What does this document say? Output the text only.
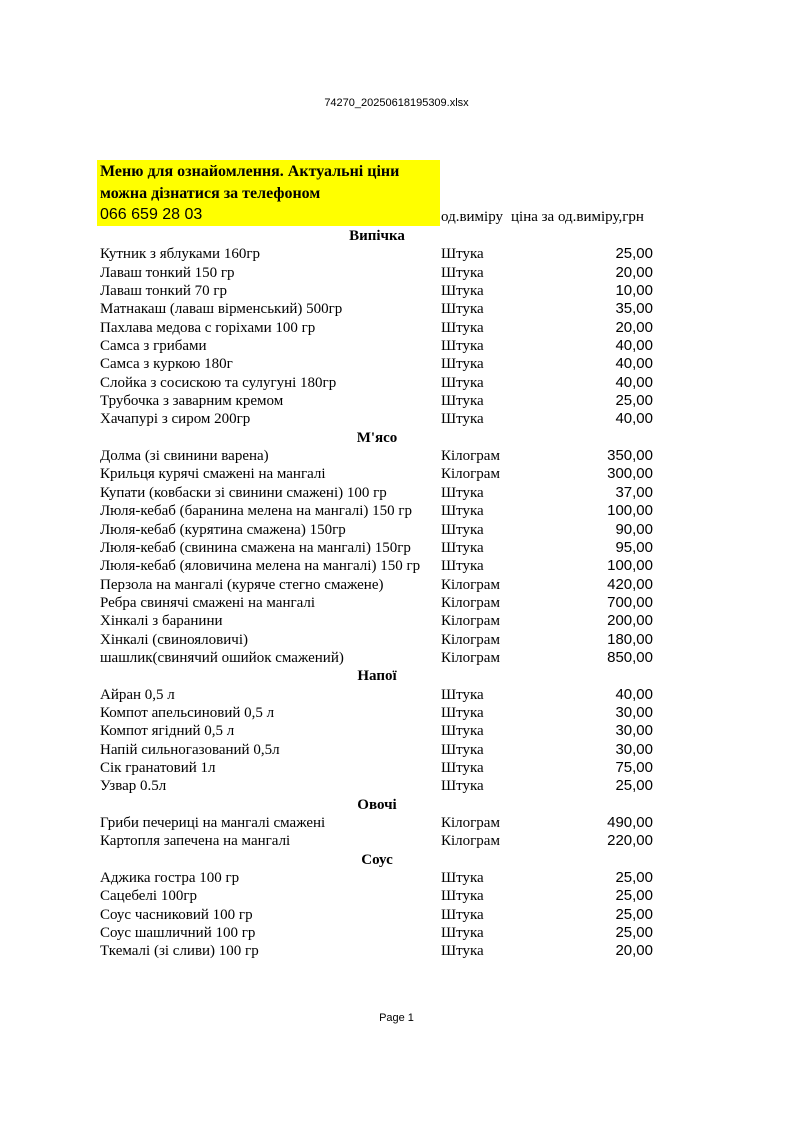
74270_20250618195309.xlsx
Меню для ознайомлення. Актуальні ціни
можна дізнатися за телефоном
066 659 28 03	од.виміру ціна за од.виміру,грн
Випічка
Кутник з яблуками 160гр	Штука	25,00
Лаваш тонкий 150 гр	Штука	20,00
Лаваш тонкий 70 гр	Штука	10,00
Матнакаш (лаваш вірменський) 500гр	Штука	35,00
Пахлава медова с горіхами 100 гр	Штука	20,00
Самса з грибами	Штука	40,00
Самса з куркою 180г	Штука	40,00
Слойка з сосискою та сулугуні 180гр	Штука	40,00
Трубочка з заварним кремом	Штука	25,00
Хачапурі з сиром 200гр	Штука	40,00
М'ясо
Долма (зі свинини варена)	Кілограм	350,00
Крильця курячі смажені на мангалі	Кілограм	300,00
Купати (ковбаски зі свинини смажені) 100 гр	Штука	37,00
Люля-кебаб (баранина мелена на мангалі) 150 гр Штука	100,00
Люля-кебаб (курятина смажена) 150гр	Штука	90,00
Люля-кебаб (свинина смажена на мангалі) 150гр Штука	95,00
Люля-кебаб (яловичина мелена на мангалі) 150 гр Штука	100,00
Перзола на мангалі (куряче стегно смажене)	Кілограм	420,00
Ребра свинячі смажені на мангалі	Кілограм	700,00
Хінкалі з баранини	Кілограм	200,00
Хінкалі (свинояловичі)	Кілограм	180,00
шашлик(свинячий ошийок смажений)	Кілограм	850,00
Напої
Айран 0,5 л	Штука	40,00
Компот апельсиновий 0,5 л	Штука	30,00
Компот ягідний 0,5 л	Штука	30,00
Напій сильногазований 0,5л	Штука	30,00
Сік гранатовий 1л	Штука	75,00
Узвар 0.5л	Штука	25,00
Овочі
Гриби печериці на мангалі смажені	Кілограм	490,00
Картопля запечена на мангалі	Кілограм	220,00
Соус
Аджика гостра 100 гр	Штука	25,00
Сацебелі 100гр	Штука	25,00
Соус часниковий 100 гр	Штука	25,00
Соус шашличний 100 гр	Штука	25,00
Ткемалі (зі сливи) 100 гр	Штука	20,00
Page 1
